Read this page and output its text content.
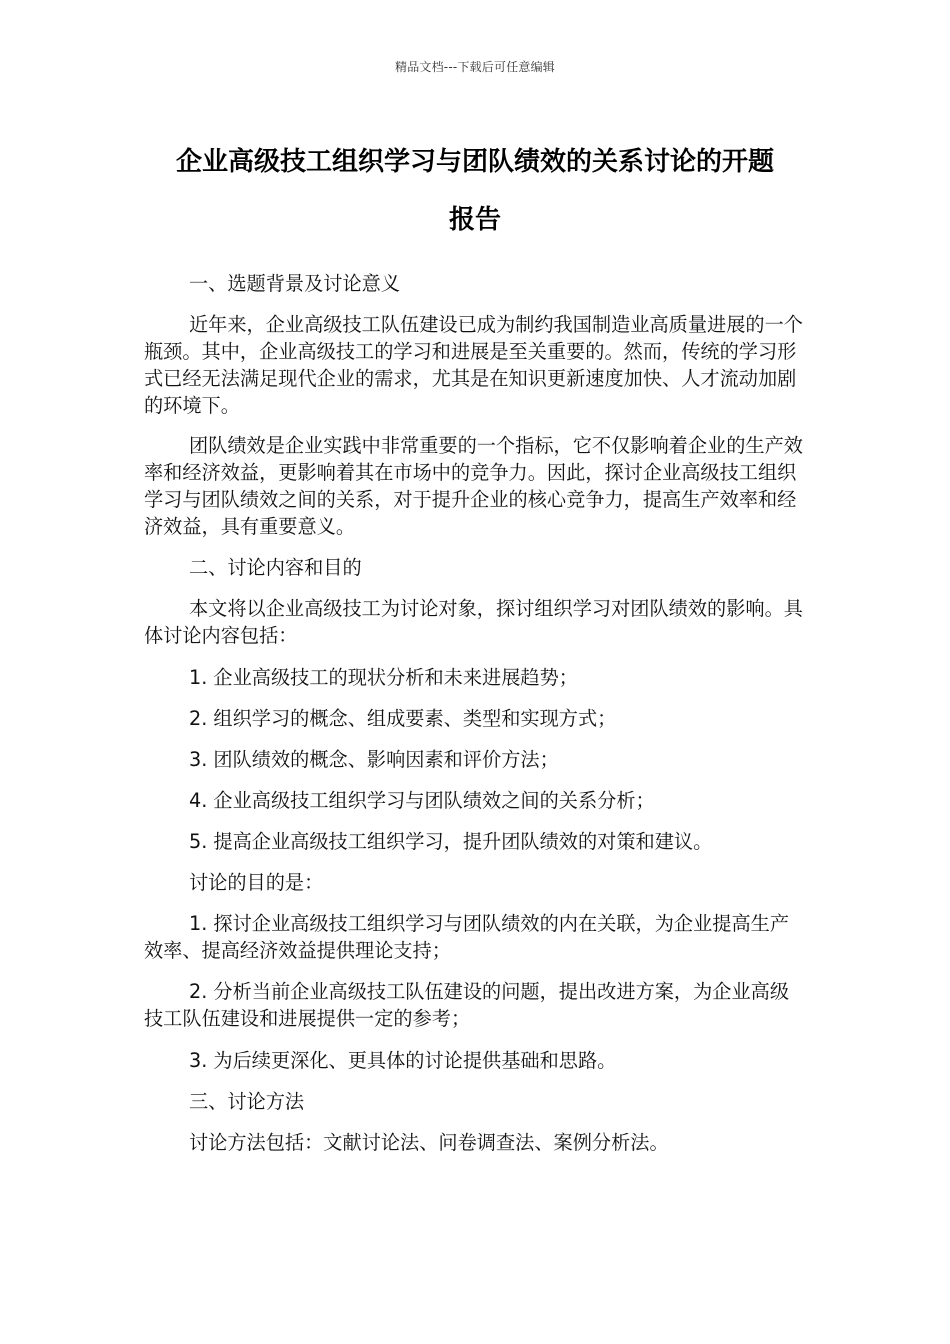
精品文档---下载后可任意编辑
企业高级技工组织学习与团队绩效的关系讨论的开题
报告

一、选题背景及讨论意义

近年来，企业高级技工队伍建设已成为制约我国制造业高质量进展的一个瓶颈。其中，企业高级技工的学习和进展是至关重要的。然而，传统的学习形式已经无法满足现代企业的需求，尤其是在知识更新速度加快、人才流动加剧的环境下。

团队绩效是企业实践中非常重要的一个指标，它不仅影响着企业的生产效率和经济效益，更影响着其在市场中的竞争力。因此，探讨企业高级技工组织学习与团队绩效之间的关系，对于提升企业的核心竞争力，提高生产效率和经济效益，具有重要意义。

二、讨论内容和目的

本文将以企业高级技工为讨论对象，探讨组织学习对团队绩效的影响。具体讨论内容包括：

1. 企业高级技工的现状分析和未来进展趋势；

2. 组织学习的概念、组成要素、类型和实现方式；

3. 团队绩效的概念、影响因素和评价方法；

4. 企业高级技工组织学习与团队绩效之间的关系分析；

5. 提高企业高级技工组织学习，提升团队绩效的对策和建议。

讨论的目的是：

1. 探讨企业高级技工组织学习与团队绩效的内在关联，为企业提高生产效率、提高经济效益提供理论支持；

2. 分析当前企业高级技工队伍建设的问题，提出改进方案，为企业高级技工队伍建设和进展提供一定的参考；

3. 为后续更深化、更具体的讨论提供基础和思路。

三、讨论方法

讨论方法包括：文献讨论法、问卷调查法、案例分析法。
